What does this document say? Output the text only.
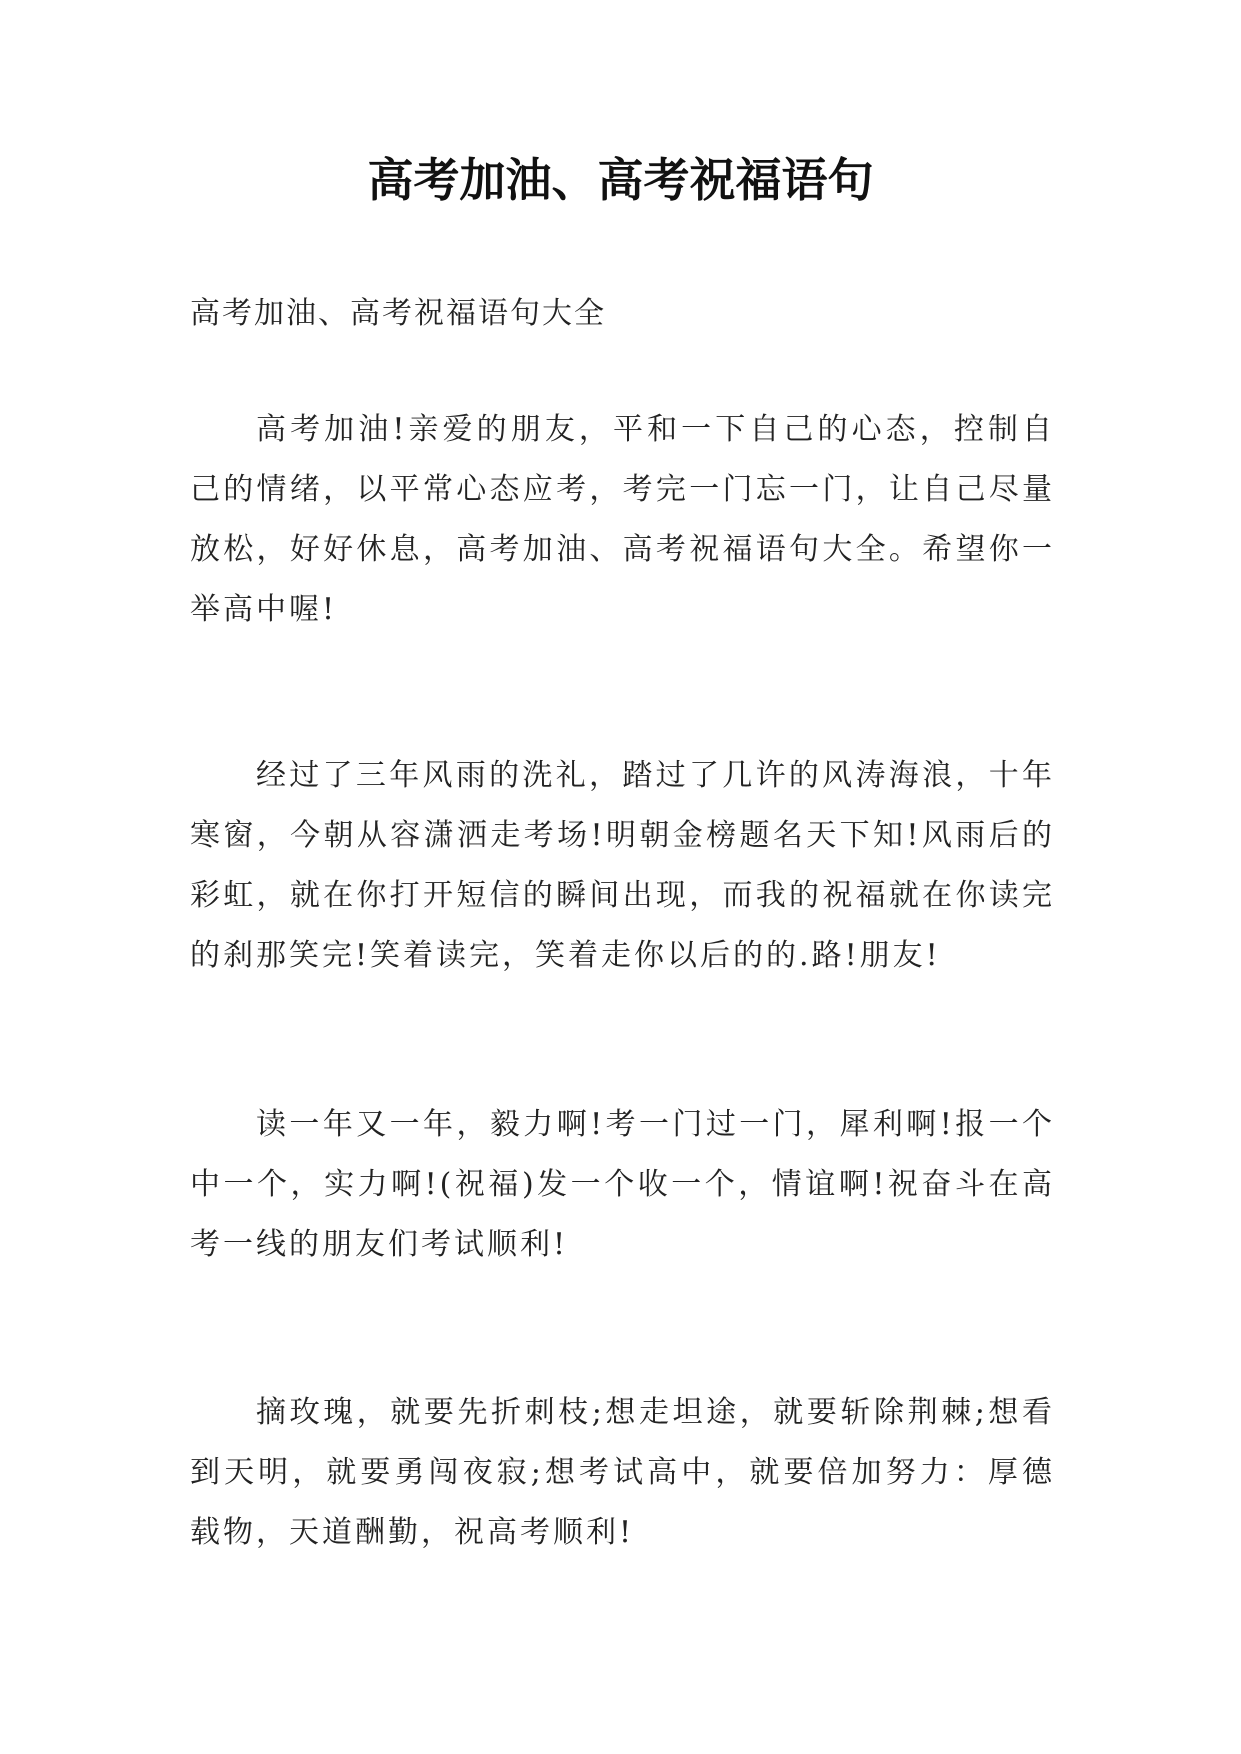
高考加油、高考祝福语句

高考加油、高考祝福语句大全

高考加油!亲爱的朋友，平和一下自己的心态，控制自己的情绪，以平常心态应考，考完一门忘一门，让自己尽量放松，好好休息，高考加油、高考祝福语句大全。希望你一举高中喔!

经过了三年风雨的洗礼，踏过了几许的风涛海浪，十年寒窗，今朝从容潇洒走考场!明朝金榜题名天下知!风雨后的彩虹，就在你打开短信的瞬间出现，而我的祝福就在你读完的刹那笑完!笑着读完，笑着走你以后的的.路!朋友!

读一年又一年，毅力啊!考一门过一门，犀利啊!报一个中一个，实力啊!(祝福)发一个收一个，情谊啊!祝奋斗在高考一线的朋友们考试顺利!

摘玫瑰，就要先折刺枝;想走坦途，就要斩除荆棘;想看到天明，就要勇闯夜寂;想考试高中，就要倍加努力：厚德载物，天道酬勤，祝高考顺利!
